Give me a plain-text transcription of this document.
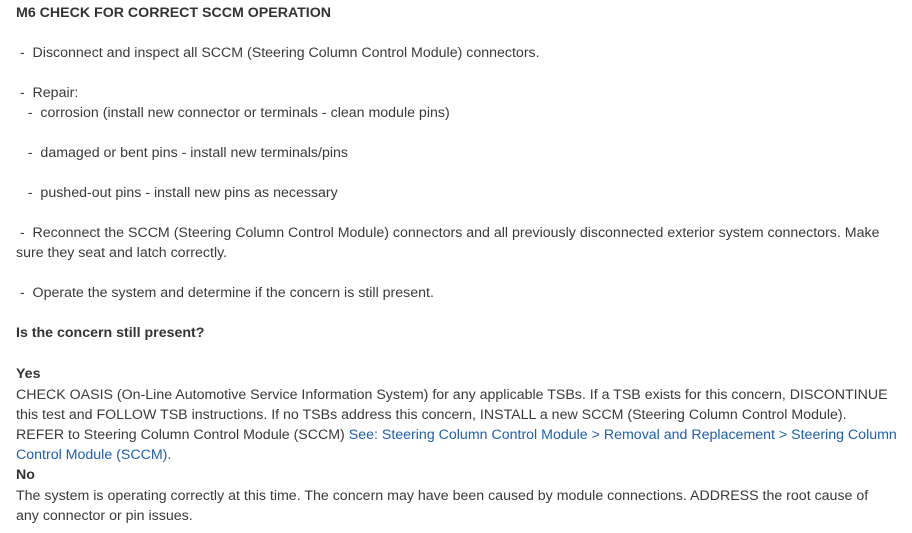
M6 CHECK FOR CORRECT SCCM OPERATION
-  Disconnect and inspect all SCCM (Steering Column Control Module) connectors.
-  Repair:
-  corrosion (install new connector or terminals - clean module pins)
-  damaged or bent pins - install new terminals/pins
-  pushed-out pins - install new pins as necessary
-  Reconnect the SCCM (Steering Column Control Module) connectors and all previously disconnected exterior system connectors. Make
sure they seat and latch correctly.
-  Operate the system and determine if the concern is still present.
Is the concern still present?
Yes
CHECK OASIS (On-Line Automotive Service Information System) for any applicable TSBs. If a TSB exists for this concern, DISCONTINUE
this test and FOLLOW TSB instructions. If no TSBs address this concern, INSTALL a new SCCM (Steering Column Control Module).
REFER to Steering Column Control Module (SCCM) See: Steering Column Control Module > Removal and Replacement > Steering Column
Control Module (SCCM).
No
The system is operating correctly at this time. The concern may have been caused by module connections. ADDRESS the root cause of
any connector or pin issues.
